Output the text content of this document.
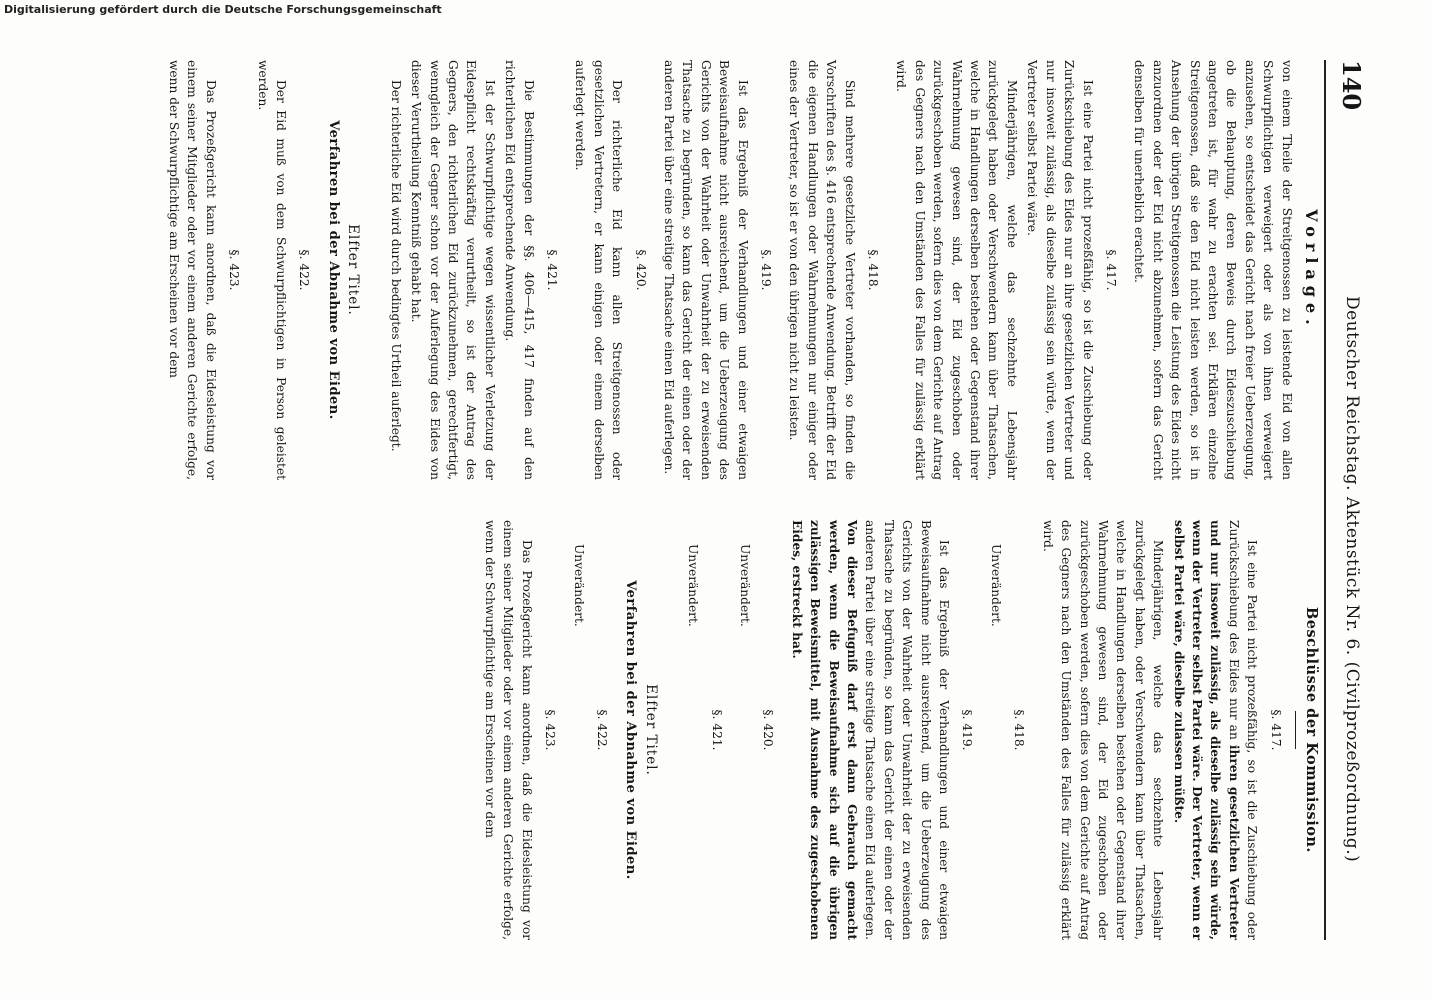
140
Deutscher Reichstag. Aktenstück Nr. 6. (Civilprozeßordnung.)
Vorlage.

von einem Theile der Streitgenossen zu leistende Eid von allen Schwurpflichtigen verweigert oder als von ihnen verweigert anzusehen, so entscheidet das Gericht nach freier Ueberzeugung, ob die Behauptung, deren Beweis durch Eideszuschiebung angetreten ist, für wahr zu erachten sei. Erklären einzelne Streitgenossen, daß sie den Eid nicht leisten werden, so ist in Ansehung der übrigen Streitgenossen die Leistung des Eides nicht anzuordnen oder der Eid nicht abzunehmen, sofern das Gericht denselben für unerheblich erachtet.

§. 417.

Ist eine Partei nicht prozeßfähig, so ist die Zuschiebung oder Zurückschiebung des Eides nur an ihre gesetzlichen Vertreter und nur insoweit zulässig, als dieselbe zulässig sein würde, wenn der Vertreter selbst Partei wäre.

Minderjährigen, welche das sechzehnte Lebensjahr zurückgelegt haben oder Verschwendern kann über Thatsachen, welche in Handlungen derselben bestehen oder Gegenstand ihrer Wahrnehmung gewesen sind, der Eid zugeschoben oder zurückgeschoben werden, sofern dies von dem Gerichte auf Antrag des Gegners nach den Umständen des Falles für zulässig erklärt wird.

§. 418.

Sind mehrere gesetzliche Vertreter vorhanden, so finden die Vorschriften des §. 416 entsprechende Anwendung. Betrifft der Eid die eigenen Handlungen oder Wahrnehmungen nur einiger oder eines der Vertreter, so ist er von den übrigen nicht zu leisten.

§. 419.

Ist das Ergebniß der Verhandlungen und einer etwaigen Beweisaufnahme nicht ausreichend, um die Ueberzeugung des Gerichts von der Wahrheit oder Unwahrheit der zu erweisenden Thatsache zu begründen, so kann das Gericht der einen oder der anderen Partei über eine streitige Thatsache einen Eid auferlegen.

§. 420.

Der richterliche Eid kann allen Streitgenossen oder gesetzlichen Vertretern, er kann einigen oder einem derselben auferlegt werden.

§. 421.

Die Bestimmungen der §§. 406—415, 417 finden auf den richterlichen Eid entsprechende Anwendung.

Ist der Schwurpflichtige wegen wissentlicher Verletzung der Eidespflicht rechtskräftig verurtheilt, so ist der Antrag des Gegners, den richterlichen Eid zurückzunehmen, gerechtfertigt, wenngleich der Gegner schon vor der Auferlegung des Eides von dieser Verurtheilung Kenntniß gehabt hat.

Der richterliche Eid wird durch bedingtes Urtheil auferlegt.

Elfter Titel.
Verfahren bei der Abnahme von Eiden.
§. 422.

Der Eid muß von dem Schwurpflichtigen in Person geleistet werden.

§. 423.

Das Prozeßgericht kann anordnen, daß die Eidesleistung vor einem seiner Mitglieder oder vor einem anderen Gerichte erfolge, wenn der Schwurpflichtige am Erscheinen vor dem

Beschlüsse der Kommission.
§. 417.

Ist eine Partei nicht prozeßfähig, so ist die Zuschiebung oder Zurückschiebung des Eides nur an ihren gesetzlichen Vertreter und nur insoweit zulässig, als dieselbe zulässig sein würde, wenn der Vertreter selbst Partei wäre. Der Vertreter, wenn er selbst Partei wäre, dieselbe zulassen müßte.

Minderjährigen, welche das sechzehnte Lebensjahr zurückgelegt haben, oder Verschwendern kann über Thatsachen, welche in Handlungen derselben bestehen oder Gegenstand ihrer Wahrnehmung gewesen sind, der Eid zugeschoben oder zurückgeschoben werden, sofern dies von dem Gerichte auf Antrag des Gegners nach den Umständen des Falles für zulässig erklärt wird.

§. 418.
Unverändert.
§. 419.

Ist das Ergebniß der Verhandlungen und einer etwaigen Beweisaufnahme nicht ausreichend, um die Ueberzeugung des Gerichts von der Wahrheit oder Unwahrheit der zu erweisenden Thatsache zu begründen, so kann das Gericht der einen oder der anderen Partei über eine streitige Thatsache einen Eid auferlegen. Von dieser Befugniß darf erst dann Gebrauch gemacht werden, wenn die Beweisaufnahme sich auf die übrigen zulässigen Beweismittel, mit Ausnahme des zugeschobenen Eides, erstreckt hat.

§. 420.
Unverändert.
§. 421.
Unverändert.
Elfter Titel.
Verfahren bei der Abnahme von Eiden.
§. 422.
Unverändert.
§. 423.

Das Prozeßgericht kann anordnen, daß die Eidesleistung vor einem seiner Mitglieder oder vor einem anderen Gerichte erfolge, wenn der Schwurpflichtige am Erscheinen vor dem

Digitalisierung gefördert durch die Deutsche Forschungsgemeinschaft
